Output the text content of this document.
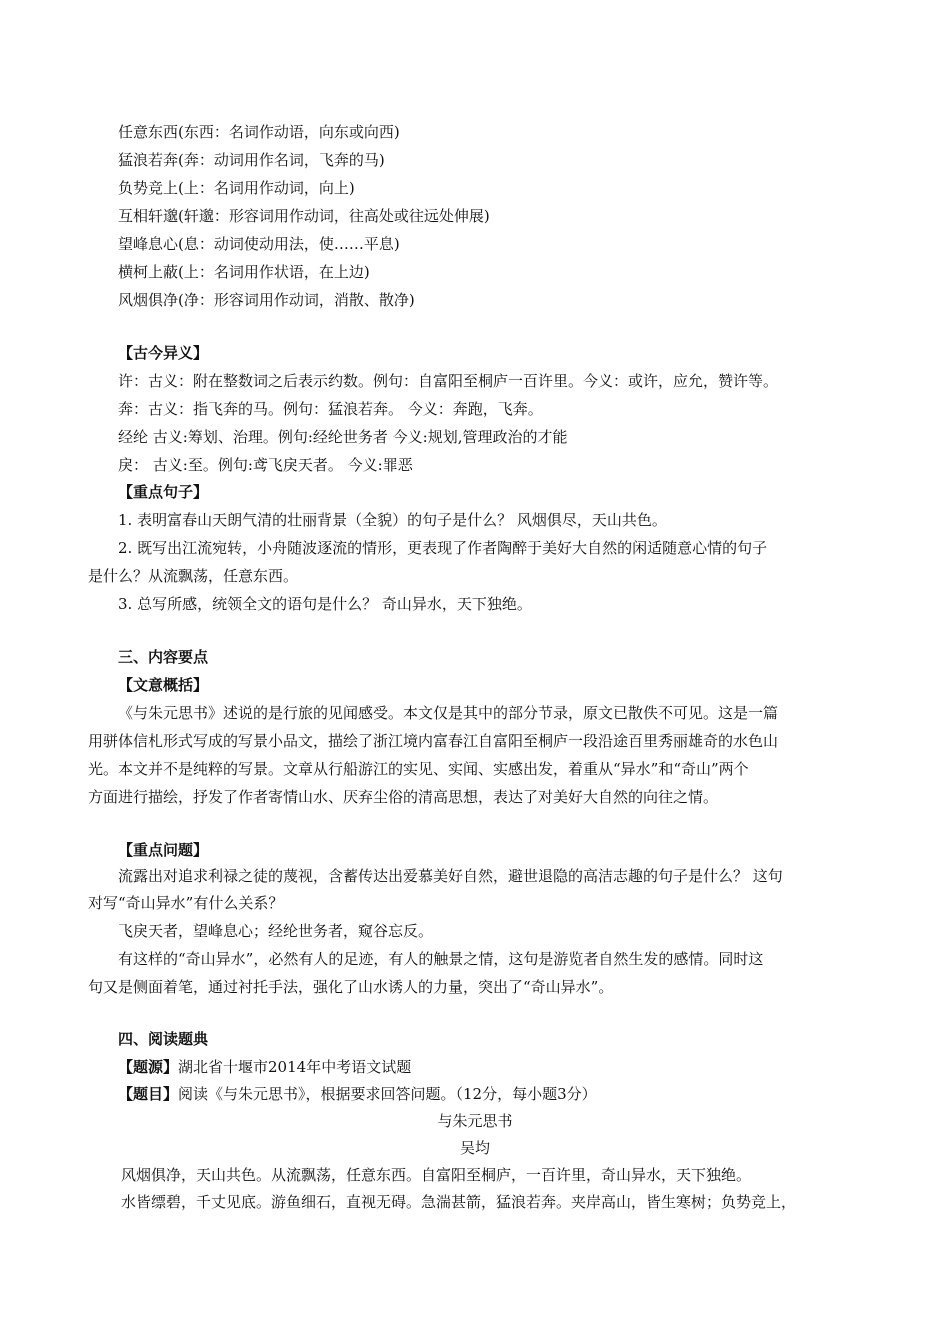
任意东西(东西：名词作动语，向东或向西)
猛浪若奔(奔：动词用作名词，飞奔的马)
负势竞上(上：名词用作动词，向上)
互相轩邈(轩邈：形容词用作动词，往高处或往远处伸展)
望峰息心(息：动词使动用法，使……平息)
横柯上蔽(上：名词用作状语，在上边)
风烟俱净(净：形容词用作动词，消散、散净)
【古今异义】
许：古义：附在整数词之后表示约数。例句：自富阳至桐庐一百许里。今义：或许，应允，赞许等。
奔：古义：指飞奔的马。例句：猛浪若奔。 今义：奔跑，飞奔。
经纶 古义:筹划、治理。例句:经纶世务者 今义:规划,管理政治的才能
戾： 古义:至。例句:鸢飞戾天者。 今义:罪恶
【重点句子】
1. 表明富春山天朗气清的壮丽背景（全貌）的句子是什么？ 风烟俱尽，天山共色。
2. 既写出江流宛转，小舟随波逐流的情形，更表现了作者陶醉于美好大自然的闲适随意心情的句子
是什么？从流飘荡，任意东西。
3. 总写所感，统领全文的语句是什么？ 奇山异水，天下独绝。
三、内容要点
【文意概括】
《与朱元思书》述说的是行旅的见闻感受。本文仅是其中的部分节录，原文已散佚不可见。这是一篇
用骈体信札形式写成的写景小品文，描绘了浙江境内富春江自富阳至桐庐一段沿途百里秀丽雄奇的水色山
光。本文并不是纯粹的写景。文章从行船游江的实见、实闻、实感出发，着重从“异水”和“奇山”两个
方面进行描绘，抒发了作者寄情山水、厌弃尘俗的清高思想，表达了对美好大自然的向往之情。
【重点问题】
流露出对追求利禄之徒的蔑视，含蓄传达出爱慕美好自然，避世退隐的高洁志趣的句子是什么？ 这句
对写“奇山异水”有什么关系？
飞戾天者，望峰息心；经纶世务者，窥谷忘反。
有这样的“奇山异水”，必然有人的足迹，有人的触景之情，这句是游览者自然生发的感情。同时这
句又是侧面着笔，通过衬托手法，强化了山水诱人的力量，突出了“奇山异水”。
四、阅读题典
【题源】湖北省十堰市2014年中考语文试题
【题目】阅读《与朱元思书》，根据要求回答问题。（12分，每小题3分）
与朱元思书
吴均
风烟俱净，天山共色。从流飘荡，任意东西。自富阳至桐庐，一百许里，奇山异水，天下独绝。
水皆缥碧，千丈见底。游鱼细石，直视无碍。急湍甚箭，猛浪若奔。夹岸高山，皆生寒树；负势竞上，
